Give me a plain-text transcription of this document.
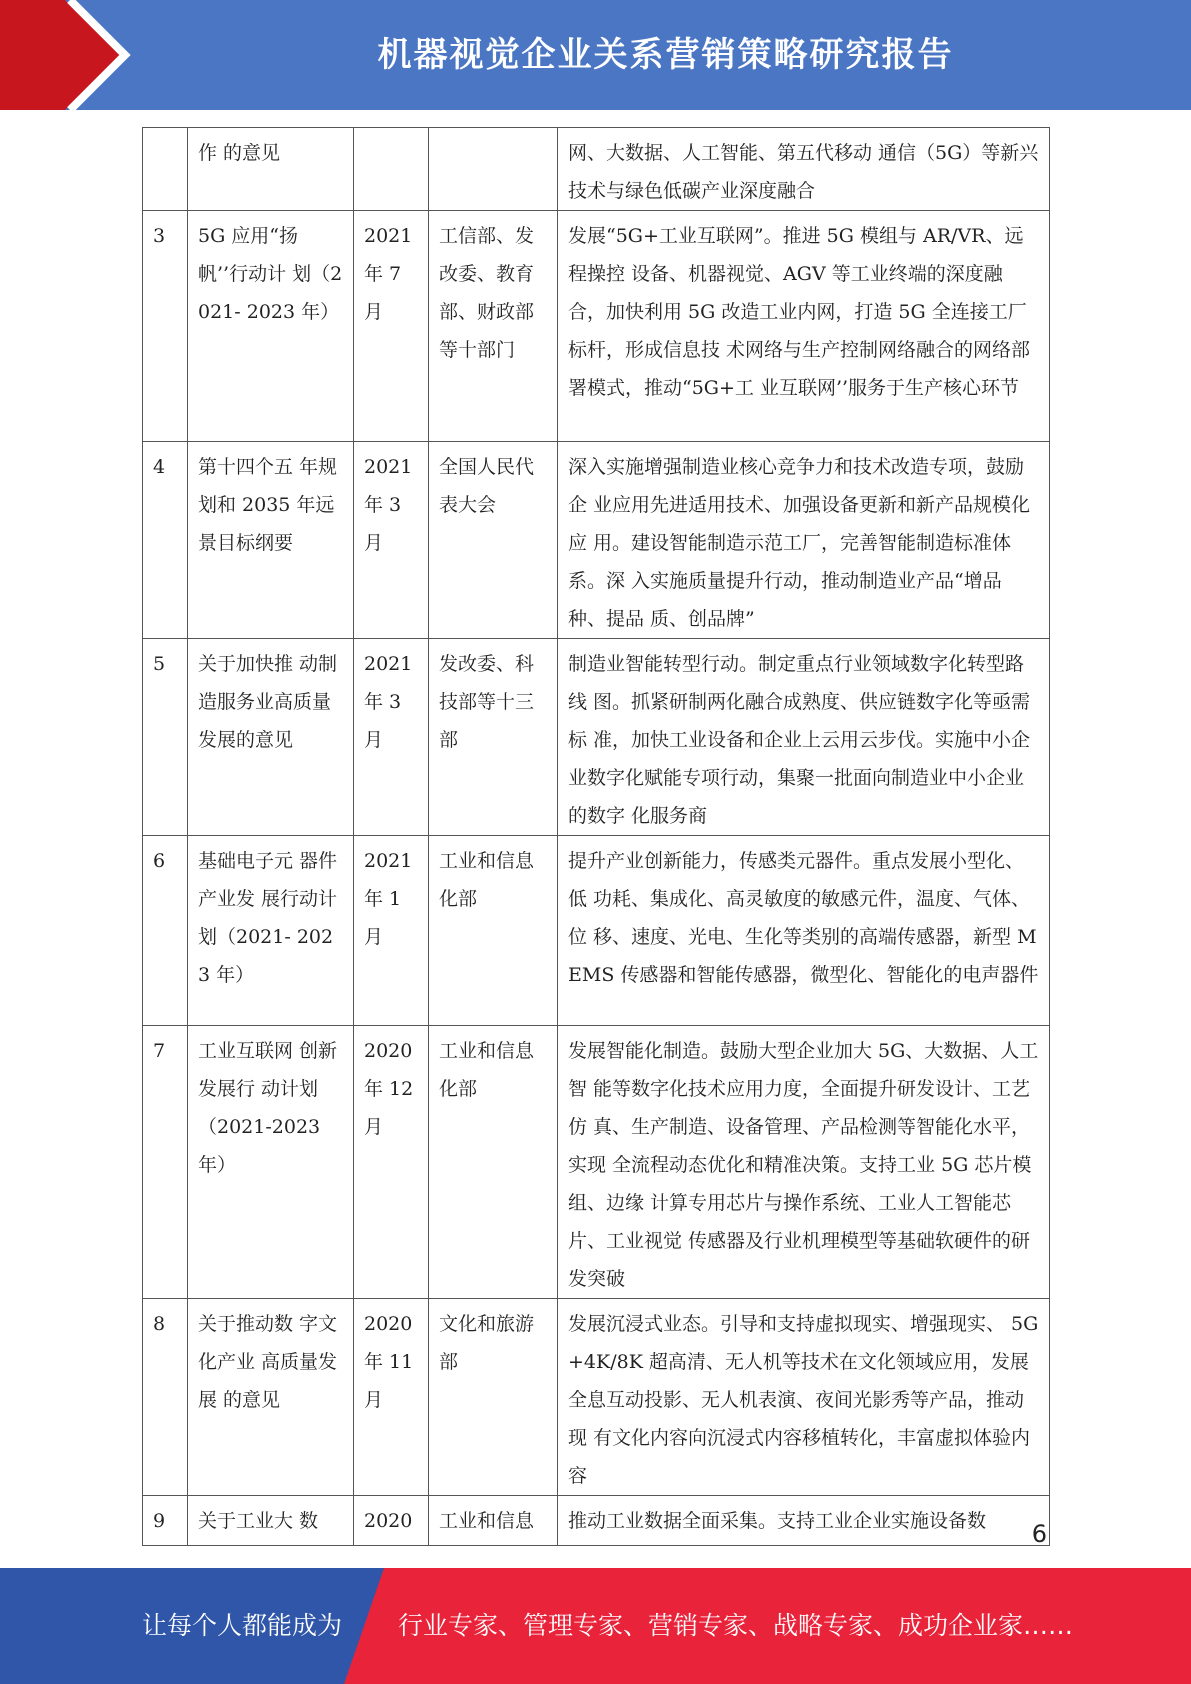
机器视觉企业关系营销策略研究报告
	作 的意见			网、大数据、人工智能、第五代移动 通信（5G）等新兴技术与绿色低碳产业深度融合
3	5G 应用“扬 帆’’行动计 划（2021- 2023 年）	2021 年 7 月	工信部、发改委、教育部、财政部等十部门	发展“5G+工业互联网”。推进 5G 模组与 AR/VR、远程操控 设备、机器视觉、AGV 等工业终端的深度融合，加快利用 5G 改造工业内网，打造 5G 全连接工厂标杆，形成信息技 术网络与生产控制网络融合的网络部署模式，推动“5G+工 业互联网’’服务于生产核心环节
4	第十四个五 年规划和 2035 年远 景目标纲要	2021 年 3 月	全国人民代表大会	深入实施增强制造业核心竞争力和技术改造专项，鼓励企 业应用先进适用技术、加强设备更新和新产品规模化应 用。建设智能制造示范工厂，完善智能制造标准体系。深 入实施质量提升行动，推动制造业产品“增品种、提品 质、创品牌”
5	关于加快推 动制造服务业高质量发展的意见	2021 年 3 月	发改委、科技部等十三部	制造业智能转型行动。制定重点行业领域数字化转型路线 图。抓紧研制两化融合成熟度、供应链数字化等亟需标 准，加快工业设备和企业上云用云步伐。实施中小企业数字化赋能专项行动，集聚一批面向制造业中小企业的数字 化服务商
6	基础电子元 器件产业发 展行动计划（2021- 2023 年）	2021 年 1 月	工业和信息化部	提升产业创新能力，传感类元器件。重点发展小型化、低 功耗、集成化、高灵敏度的敏感元件，温度、气体、位 移、速度、光电、生化等类别的高端传感器，新型 MEMS 传感器和智能传感器，微型化、智能化的电声器件
7	工业互联网 创新发展行 动计划（2021-2023 年）	2020 年 12 月	工业和信息化部	发展智能化制造。鼓励大型企业加大 5G、大数据、人工智 能等数字化技术应用力度，全面提升研发设计、工艺仿 真、生产制造、设备管理、产品检测等智能化水平，实现 全流程动态优化和精准决策。支持工业 5G 芯片模组、边缘 计算专用芯片与操作系统、工业人工智能芯片、工业视觉 传感器及行业机理模型等基础软硬件的研发突破
8	关于推动数 字文化产业 高质量发展 的意见	2020 年 11 月	文化和旅游部	发展沉浸式业态。引导和支持虚拟现实、增强现实、 5G+4K/8K 超高清、无人机等技术在文化领域应用，发展 全息互动投影、无人机表演、夜间光影秀等产品，推动现 有文化内容向沉浸式内容移植转化，丰富虚拟体验内容
9	关于工业大 数	2020	工业和信息	推动工业数据全面采集。支持工业企业实施设备数 6
让每个人都能成为 行业专家、管理专家、营销专家、战略专家、成功企业家……
